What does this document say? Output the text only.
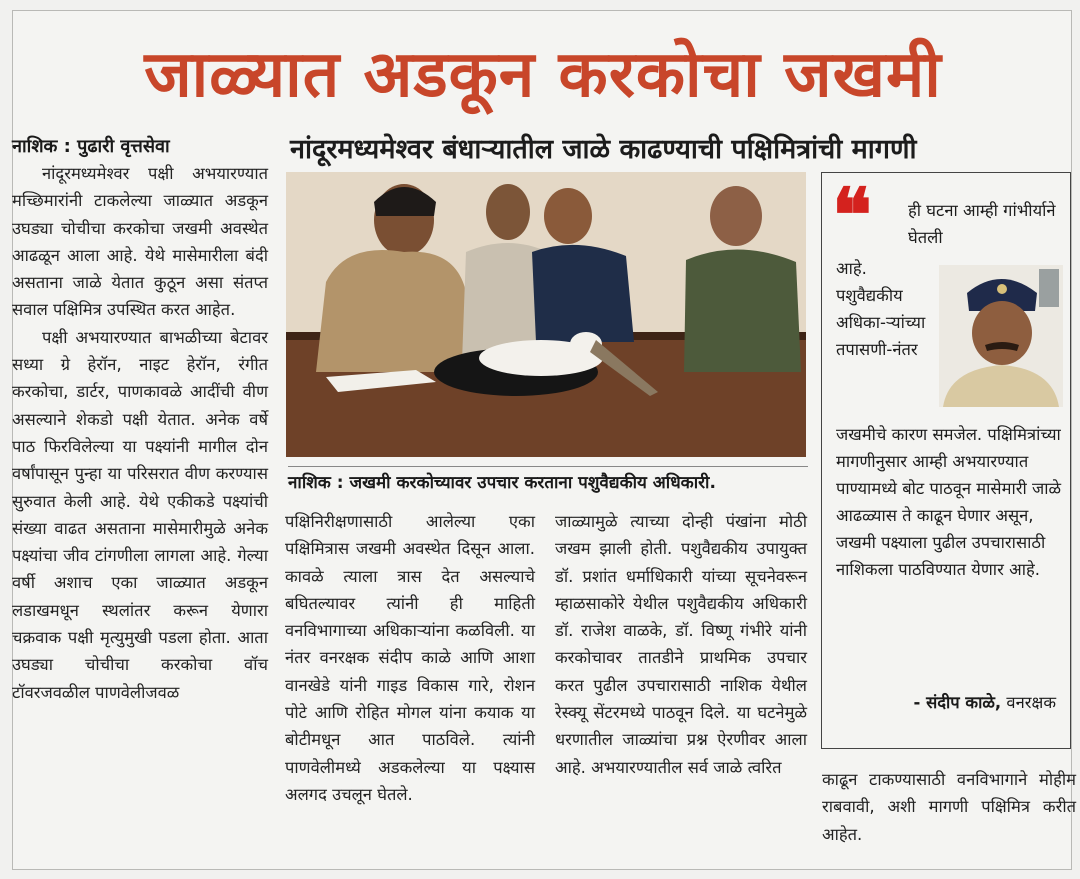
जाळ्यात अडकून करकोचा जखमी
नांदूरमध्यमेश्वर बंधाऱ्यातील जाळे काढण्याची पक्षिमित्रांची मागणी
नाशिक : पुढारी वृत्तसेवा

नांदूरमध्यमेश्वर पक्षी अभयारण्यात मच्छिमारांनी टाकलेल्या जाळ्यात अडकून उघड्या चोचीचा करकोचा जखमी अवस्थेत आढळून आला आहे. येथे मासेमारीला बंदी असताना जाळे येतात कुठून असा संतप्त सवाल पक्षिमित्र उपस्थित करत आहेत.

पक्षी अभयारण्यात बाभळीच्या बेटावर सध्या ग्रे हेरॉन, नाइट हेरॉन, रंगीत करकोचा, डार्टर, पाणकावळे आदींची वीण असल्याने शेकडो पक्षी येतात. अनेक वर्षे पाठ फिरविलेल्या या पक्ष्यांनी मागील दोन वर्षांपासून पुन्हा या परिसरात वीण करण्यास सुरुवात केली आहे. येथे एकीकडे पक्ष्यांची संख्या वाढत असताना मासेमारीमुळे अनेक पक्ष्यांचा जीव टांगणीला लागला आहे. गेल्या वर्षी अशाच एका जाळ्यात अडकून लडाखमधून स्थलांतर करून येणारा चक्रवाक पक्षी मृत्युमुखी पडला होता. आता उघड्या चोचीचा करकोचा वॉच टॉवरजवळील पाणवेलीजवळ

नाशिक : जखमी करकोच्यावर उपचार करताना पशुवैद्यकीय अधिकारी.

पक्षिनिरीक्षणासाठी आलेल्या एका पक्षिमित्रास जखमी अवस्थेत दिसून आला. कावळे त्याला त्रास देत असल्याचे बघितल्यावर त्यांनी ही माहिती वनविभागाच्या अधिकाऱ्यांना कळविली. या नंतर वनरक्षक संदीप काळे आणि आशा वानखेडे यांनी गाइड विकास गारे, रोशन पोटे आणि रोहित मोगल यांना कयाक या बोटीमधून आत पाठविले. त्यांनी पाणवेलीमध्ये अडकलेल्या या पक्ष्यास अलगद उचलून घेतले.

जाळ्यामुळे त्याच्या दोन्ही पंखांना मोठी जखम झाली होती. पशुवैद्यकीय उपायुक्त डॉ. प्रशांत धर्माधिकारी यांच्या सूचनेवरून म्हाळसाकोरे येथील पशुवैद्यकीय अधिकारी डॉ. राजेश वाळके, डॉ. विष्णू गंभीरे यांनी करकोचावर तातडीने प्राथमिक उपचार करत पुढील उपचारासाठी नाशिक येथील रेस्क्यू सेंटरमध्ये पाठवून दिले. या घटनेमुळे धरणातील जाळ्यांचा प्रश्न ऐरणीवर आला आहे. अभयारण्यातील सर्व जाळे त्वरित

❝ ही घटना आम्ही गांभीर्याने घेतली
आहे. पशुवैद्यकीय अधिका-ऱ्यांच्या तपासणी-नंतर
जखमीचे कारण समजेल. पक्षिमित्रांच्या मागणीनुसार आम्ही अभयारण्यात पाण्यामध्ये बोट पाठवून मासेमारी जाळे आढळ्यास ते काढून घेणार असून, जखमी पक्ष्याला पुढील उपचारासाठी नाशिकला पाठविण्यात येणार आहे.
- संदीप काळे, वनरक्षक

काढून टाकण्यासाठी वनविभागाने मोहीम राबवावी, अशी मागणी पक्षिमित्र करीत आहेत.
